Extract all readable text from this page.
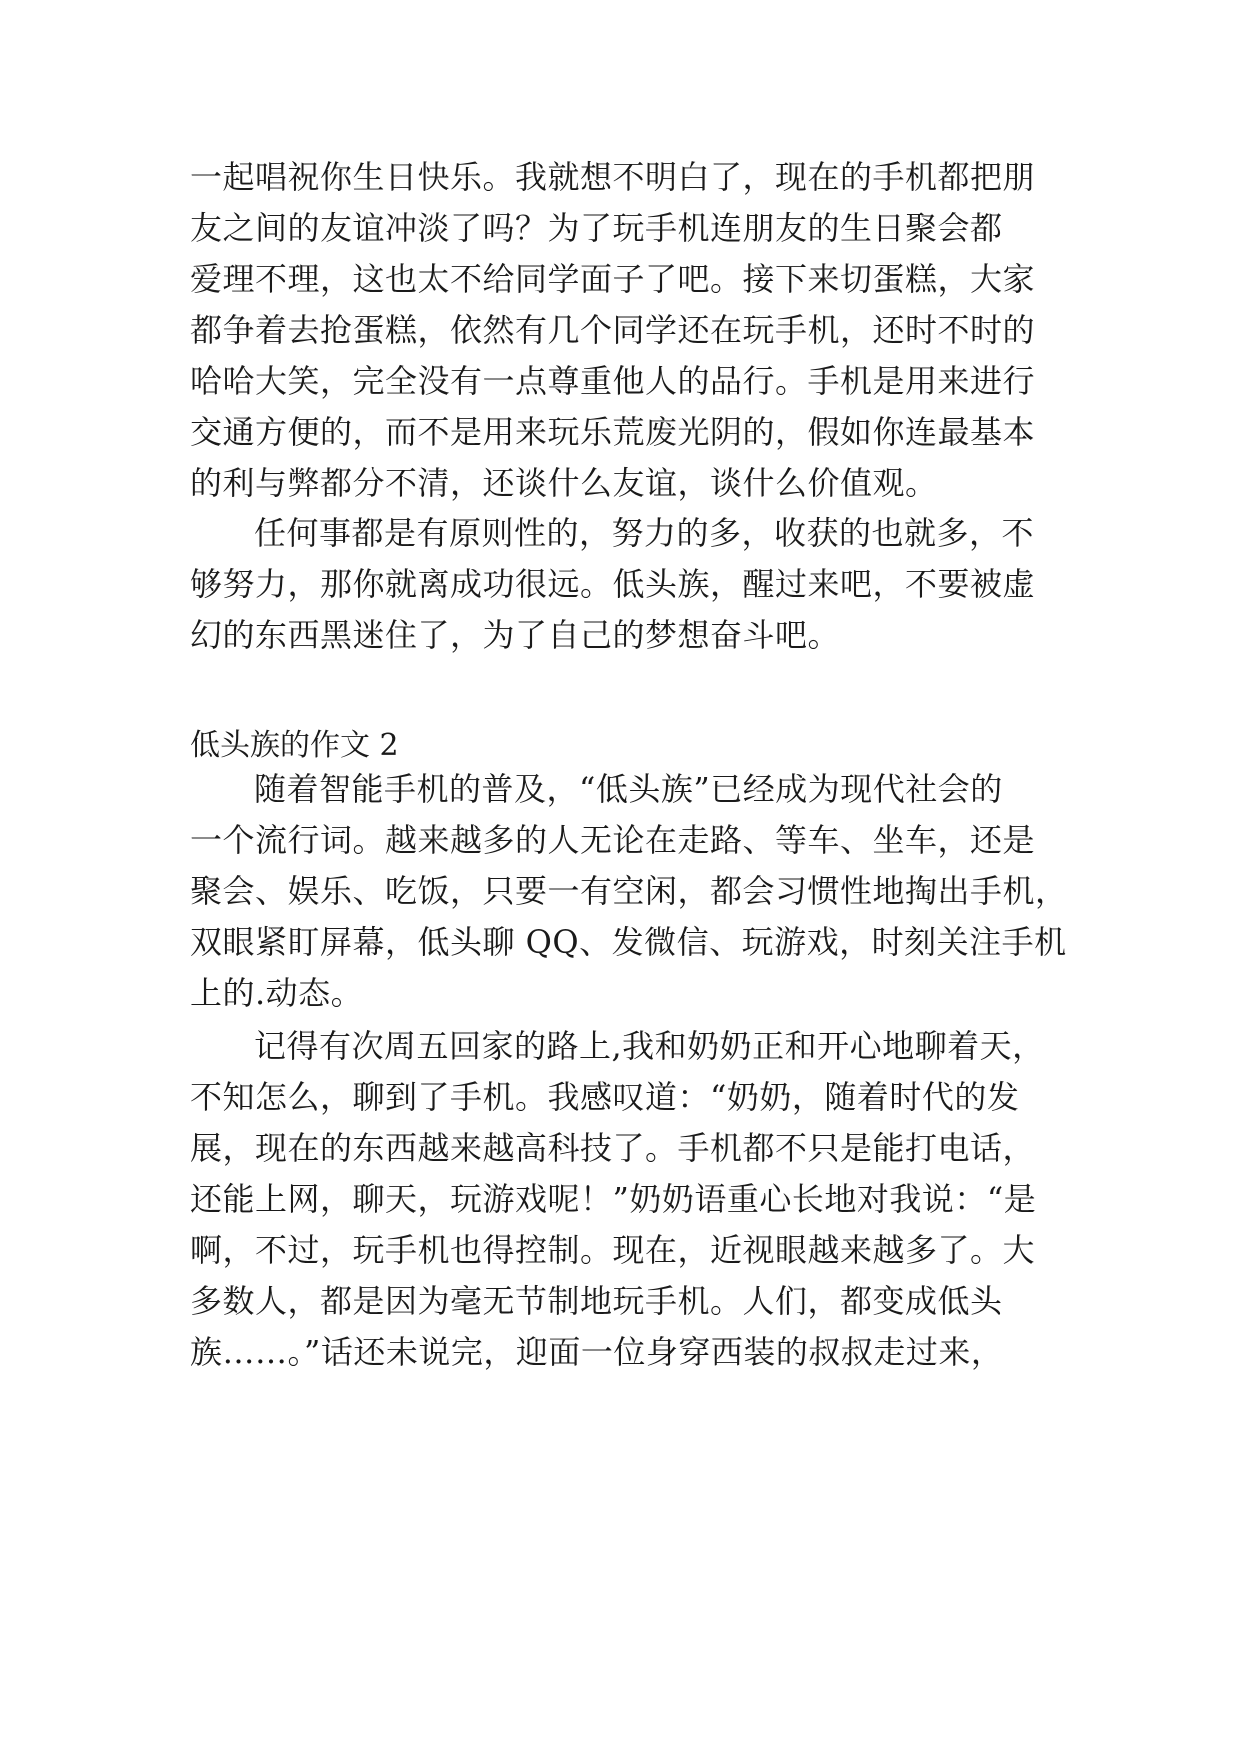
一起唱祝你生日快乐。我就想不明白了，现在的手机都把朋
友之间的友谊冲淡了吗？为了玩手机连朋友的生日聚会都
爱理不理，这也太不给同学面子了吧。接下来切蛋糕，大家
都争着去抢蛋糕，依然有几个同学还在玩手机，还时不时的
哈哈大笑，完全没有一点尊重他人的品行。手机是用来进行
交通方便的，而不是用来玩乐荒废光阴的，假如你连最基本
的利与弊都分不清，还谈什么友谊，谈什么价值观。
任何事都是有原则性的，努力的多，收获的也就多，不
够努力，那你就离成功很远。低头族，醒过来吧，不要被虚
幻的东西黑迷住了，为了自己的梦想奋斗吧。
低头族的作文 2
随着智能手机的普及，“低头族”已经成为现代社会的
一个流行词。越来越多的人无论在走路、等车、坐车，还是
聚会、娱乐、吃饭，只要一有空闲，都会习惯性地掏出手机，
双眼紧盯屏幕，低头聊 QQ、发微信、玩游戏，时刻关注手机
上的.动态。
记得有次周五回家的路上,我和奶奶正和开心地聊着天，
不知怎么，聊到了手机。我感叹道：“奶奶，随着时代的发
展，现在的东西越来越高科技了。手机都不只是能打电话，
还能上网，聊天，玩游戏呢！”奶奶语重心长地对我说：“是
啊，不过，玩手机也得控制。现在，近视眼越来越多了。大
多数人，都是因为毫无节制地玩手机。人们，都变成低头
族……。”话还未说完，迎面一位身穿西装的叔叔走过来，
